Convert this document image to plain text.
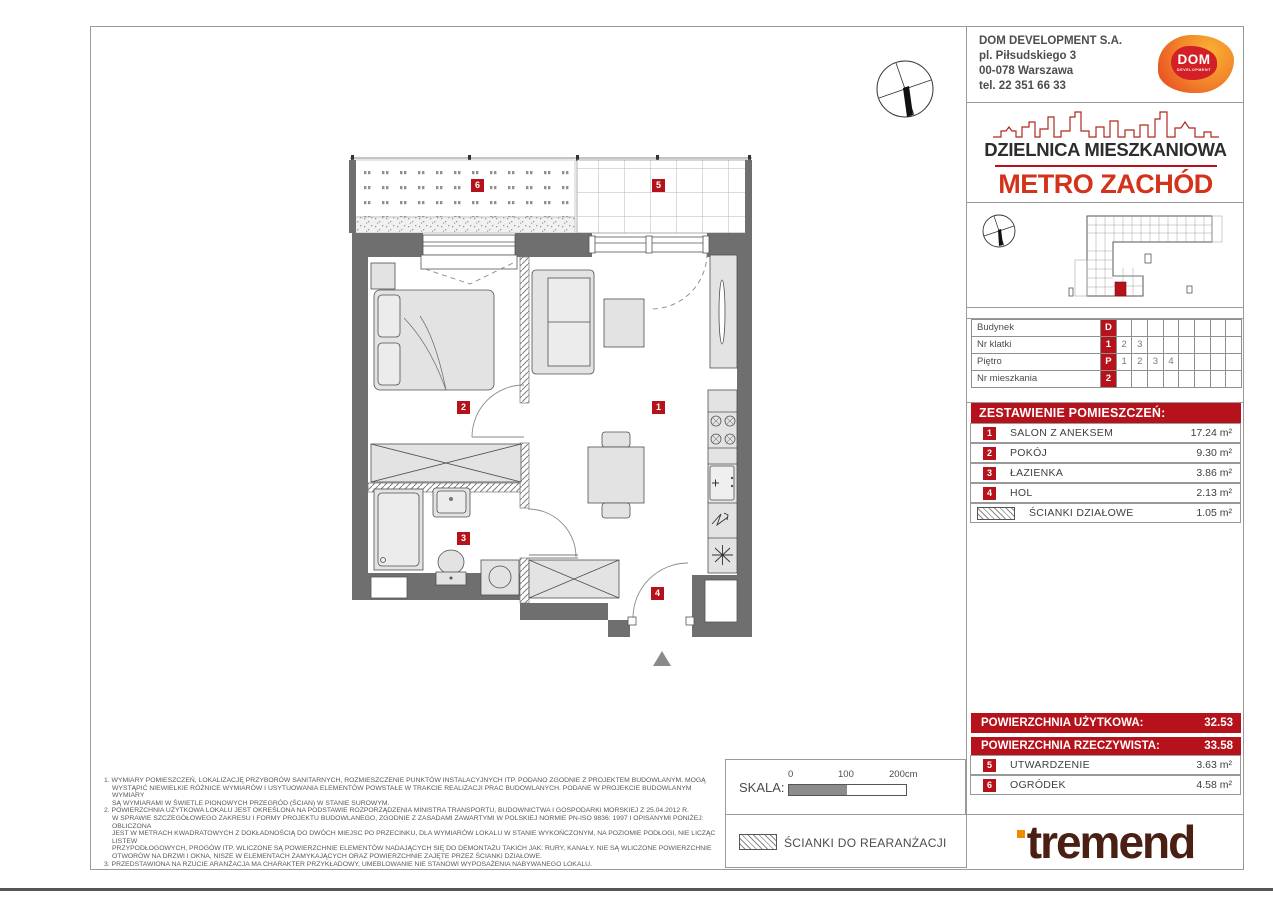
1
2
3
4
5
6
DOM DEVELOPMENT S.A.
pl. Piłsudskiego 3
00-078 Warszawa
tel. 22 351 66 33
DOM
DEVELOPMENT
DZIELNICA MIESZKANIOWA
METRO ZACHÓD
Budynek	D
Nr klatki	1	2	3
Piętro	P	1	2	3	4
Nr mieszkania	2
ZESTAWIENIE POMIESZCZEŃ:
1	SALON Z ANEKSEM	17.24 m²
2	POKÓJ	9.30 m²
3	ŁAZIENKA	3.86 m²
4	HOL	2.13 m²
ŚCIANKI DZIAŁOWE	1.05 m²
POWIERZCHNIA UŻYTKOWA:	32.53
POWIERZCHNIA RZECZYWISTA:	33.58
5	UTWARDZENIE	3.63 m²
6	OGRÓDEK	4.58 m²
tremend
1. WYMIARY POMIESZCZEŃ, LOKALIZACJĘ PRZYBORÓW SANITARNYCH, ROZMIESZCZENIE PUNKTÓW INSTALACYJNYCH ITP. PODANO ZGODNIE Z PROJEKTEM BUDOWLANYM. MOGĄ
WYSTĄPIĆ NIEWIELKIE RÓŻNICE WYMIARÓW I USYTUOWANIA ELEMENTÓW POWSTAŁE W TRAKCIE REALIZACJI PRAC BUDOWLANYCH. PODANE W PROJEKCIE BUDOWLANYM WYMIARY
SĄ WYMIARAMI W ŚWIETLE PIONOWYCH PRZEGRÓD (ŚCIAN) W STANIE SUROWYM.
2. POWIERZCHNIA UŻYTKOWA LOKALU JEST OKREŚLONA NA PODSTAWIE ROZPORZĄDZENIA MINISTRA TRANSPORTU, BUDOWNICTWA I GOSPODARKI MORSKIEJ Z 25.04.2012 R.
W SPRAWIE SZCZEGÓŁOWEGO ZAKRESU I FORMY PROJEKTU BUDOWLANEGO, ZGODNIE Z ZASADAMI ZAWARTYMI W POLSKIEJ NORMIE PN-ISO 9836: 1997 I OPISANYMI PONIŻEJ: OBLICZONA
JEST W METRACH KWADRATOWYCH Z DOKŁADNOŚCIĄ DO DWÓCH MIEJSC PO PRZECINKU, DLA WYMIARÓW LOKALU W STANIE WYKOŃCZONYM, NA POZIOMIE PODŁOGI, NIE LICZĄC LISTEW
PRZYPODŁOGOWYCH, PROGÓW ITP. WLICZONE SĄ POWIERZCHNIE ELEMENTÓW NADAJĄCYCH SIĘ DO DEMONTAŻU TAKICH JAK: RURY, KANAŁY. NIE SĄ WLICZONE POWIERZCHNIE
OTWORÓW NA DRZWI I OKNA, NISZE W ELEMENTACH ZAMYKAJĄCYCH ORAZ POWIERZCHNIE ZAJĘTE PRZEZ ŚCIANKI DZIAŁOWE.
3. PRZEDSTAWIONA NA RZUCIE ARANŻACJA MA CHARAKTER PRZYKŁADOWY, UMEBLOWANIE NIE STANOWI WYPOSAŻENIA NABYWANEGO LOKALU.
SKALA:
0	100	200cm
ŚCIANKI DO REARANŻACJI
